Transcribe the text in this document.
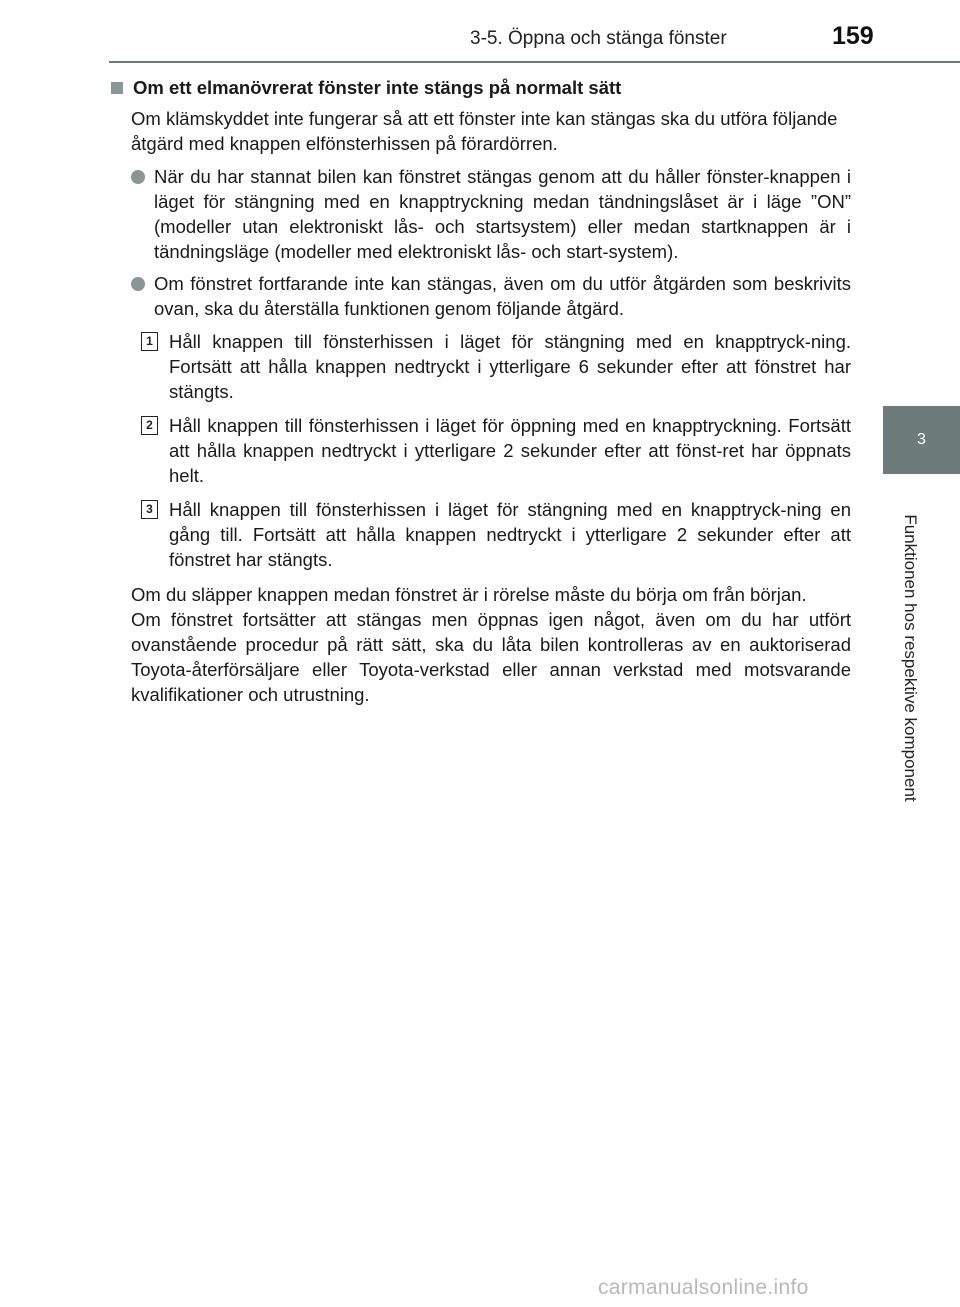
3-5. Öppna och stänga fönster	159
3
Funktionen hos respektive komponent
Om ett elmanövrerat fönster inte stängs på normalt sätt
Om klämskyddet inte fungerar så att ett fönster inte kan stängas ska du utföra följande åtgärd med knappen elfönsterhissen på förardörren.
När du har stannat bilen kan fönstret stängas genom att du håller fönster-knappen i läget för stängning med en knapptryckning medan tändningslåset är i läge ”ON” (modeller utan elektroniskt lås- och startsystem) eller medan startknappen är i tändningsläge (modeller med elektroniskt lås- och start-system).
Om fönstret fortfarande inte kan stängas, även om du utför åtgärden som beskrivits ovan, ska du återställa funktionen genom följande åtgärd.
1 Håll knappen till fönsterhissen i läget för stängning med en knapptryck-ning. Fortsätt att hålla knappen nedtryckt i ytterligare 6 sekunder efter att fönstret har stängts.
2 Håll knappen till fönsterhissen i läget för öppning med en knapptryckning. Fortsätt att hålla knappen nedtryckt i ytterligare 2 sekunder efter att fönst-ret har öppnats helt.
3 Håll knappen till fönsterhissen i läget för stängning med en knapptryck-ning en gång till. Fortsätt att hålla knappen nedtryckt i ytterligare 2 sekunder efter att fönstret har stängts.
Om du släpper knappen medan fönstret är i rörelse måste du börja om från början.
Om fönstret fortsätter att stängas men öppnas igen något, även om du har utfört ovanstående procedur på rätt sätt, ska du låta bilen kontrolleras av en auktoriserad Toyota-återförsäljare eller Toyota-verkstad eller annan verkstad med motsvarande kvalifikationer och utrustning.
carmanualsonline.info
